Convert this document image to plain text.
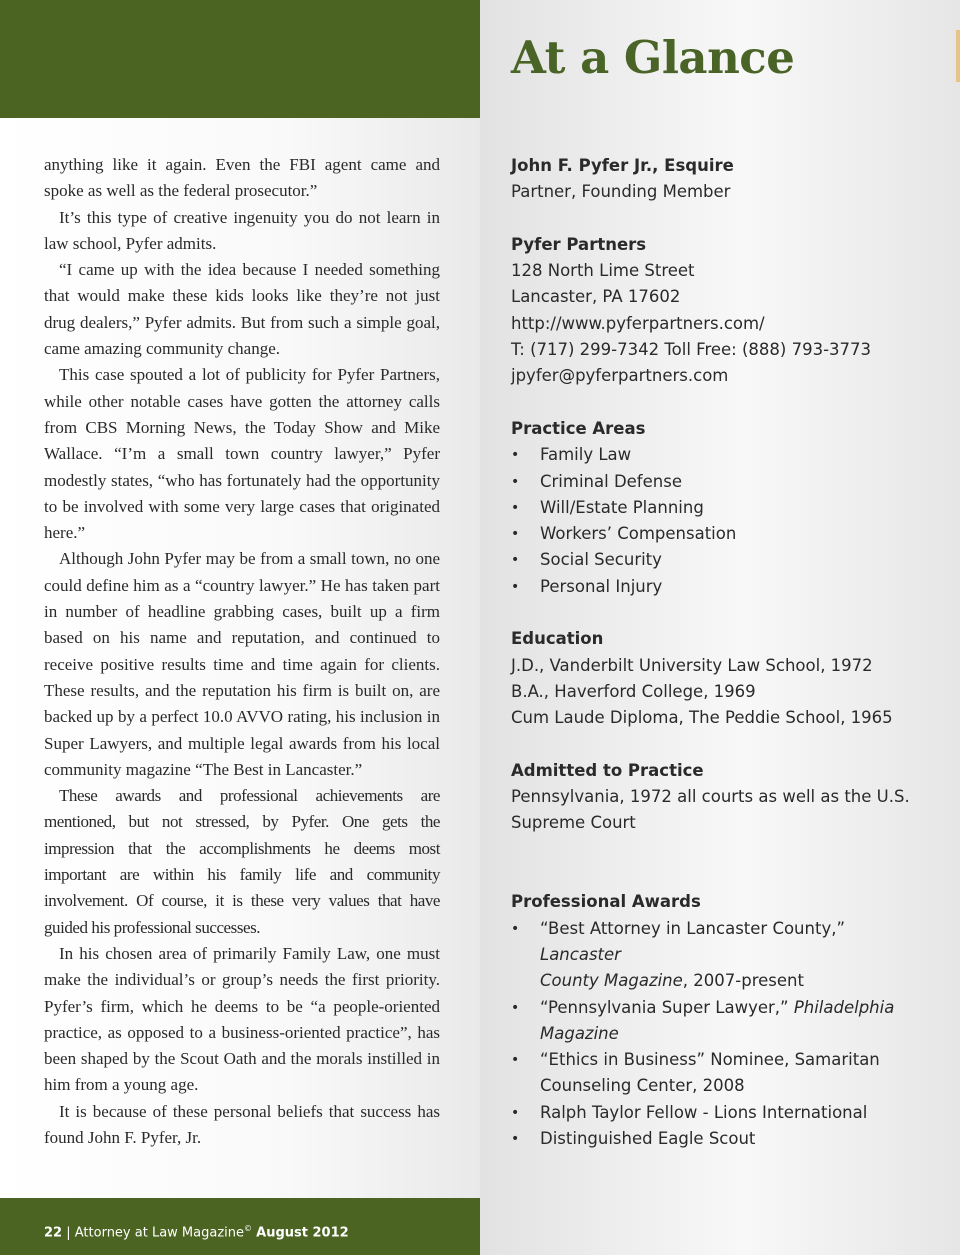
At a Glance

anything like it again. Even the FBI agent came and spoke as well as the federal prosecutor.”

It’s this type of creative ingenuity you do not learn in law school, Pyfer admits.

“I came up with the idea because I needed something that would make these kids looks like they’re not just drug dealers,” Pyfer admits. But from such a simple goal, came amazing community change.

This case spouted a lot of publicity for Pyfer Partners, while other notable cases have gotten the attorney calls from CBS Morning News, the Today Show and Mike Wallace. “I’m a small town country lawyer,” Pyfer modestly states, “who has fortunately had the opportunity to be involved with some very large cases that originated here.”

Although John Pyfer may be from a small town, no one could define him as a “country lawyer.” He has taken part in number of headline grabbing cases, built up a firm based on his name and reputation, and continued to receive positive results time and time again for clients. These results, and the reputation his firm is built on, are backed up by a perfect 10.0 AVVO rating, his inclusion in Super Lawyers, and multiple legal awards from his local community magazine “The Best in Lancaster.”

These awards and professional achievements are mentioned, but not stressed, by Pyfer. One gets the impression that the accomplishments he deems most important are within his family life and community involvement. Of course, it is these very values that have guided his professional successes.

In his chosen area of primarily Family Law, one must make the individual’s or group’s needs the first priority. Pyfer’s firm, which he deems to be “a people-oriented practice, as opposed to a business-oriented practice”, has been shaped by the Scout Oath and the morals instilled in him from a young age.

It is because of these personal beliefs that success has found John F. Pyfer, Jr.

John F. Pyfer Jr., Esquire
Partner, Founding Member
Pyfer Partners
128 North Lime Street
Lancaster, PA 17602
http://www.pyferpartners.com/
T: (717) 299-7342 Toll Free: (888) 793-3773
jpyfer@pyferpartners.com
Practice Areas
• Family Law
• Criminal Defense
• Will/Estate Planning
• Workers’ Compensation
• Social Security
• Personal Injury
Education
J.D., Vanderbilt University Law School, 1972
B.A., Haverford College, 1969
Cum Laude Diploma, The Peddie School, 1965
Admitted to Practice
Pennsylvania, 1972 all courts as well as the U.S.
Supreme Court
Professional Awards
• “Best Attorney in Lancaster County,” Lancaster
County Magazine, 2007-present
• “Pennsylvania Super Lawyer,” Philadelphia
Magazine
• “Ethics in Business” Nominee, Samaritan
Counseling Center, 2008
• Ralph Taylor Fellow - Lions International
• Distinguished Eagle Scout
22 | Attorney at Law Magazine© August 2012
